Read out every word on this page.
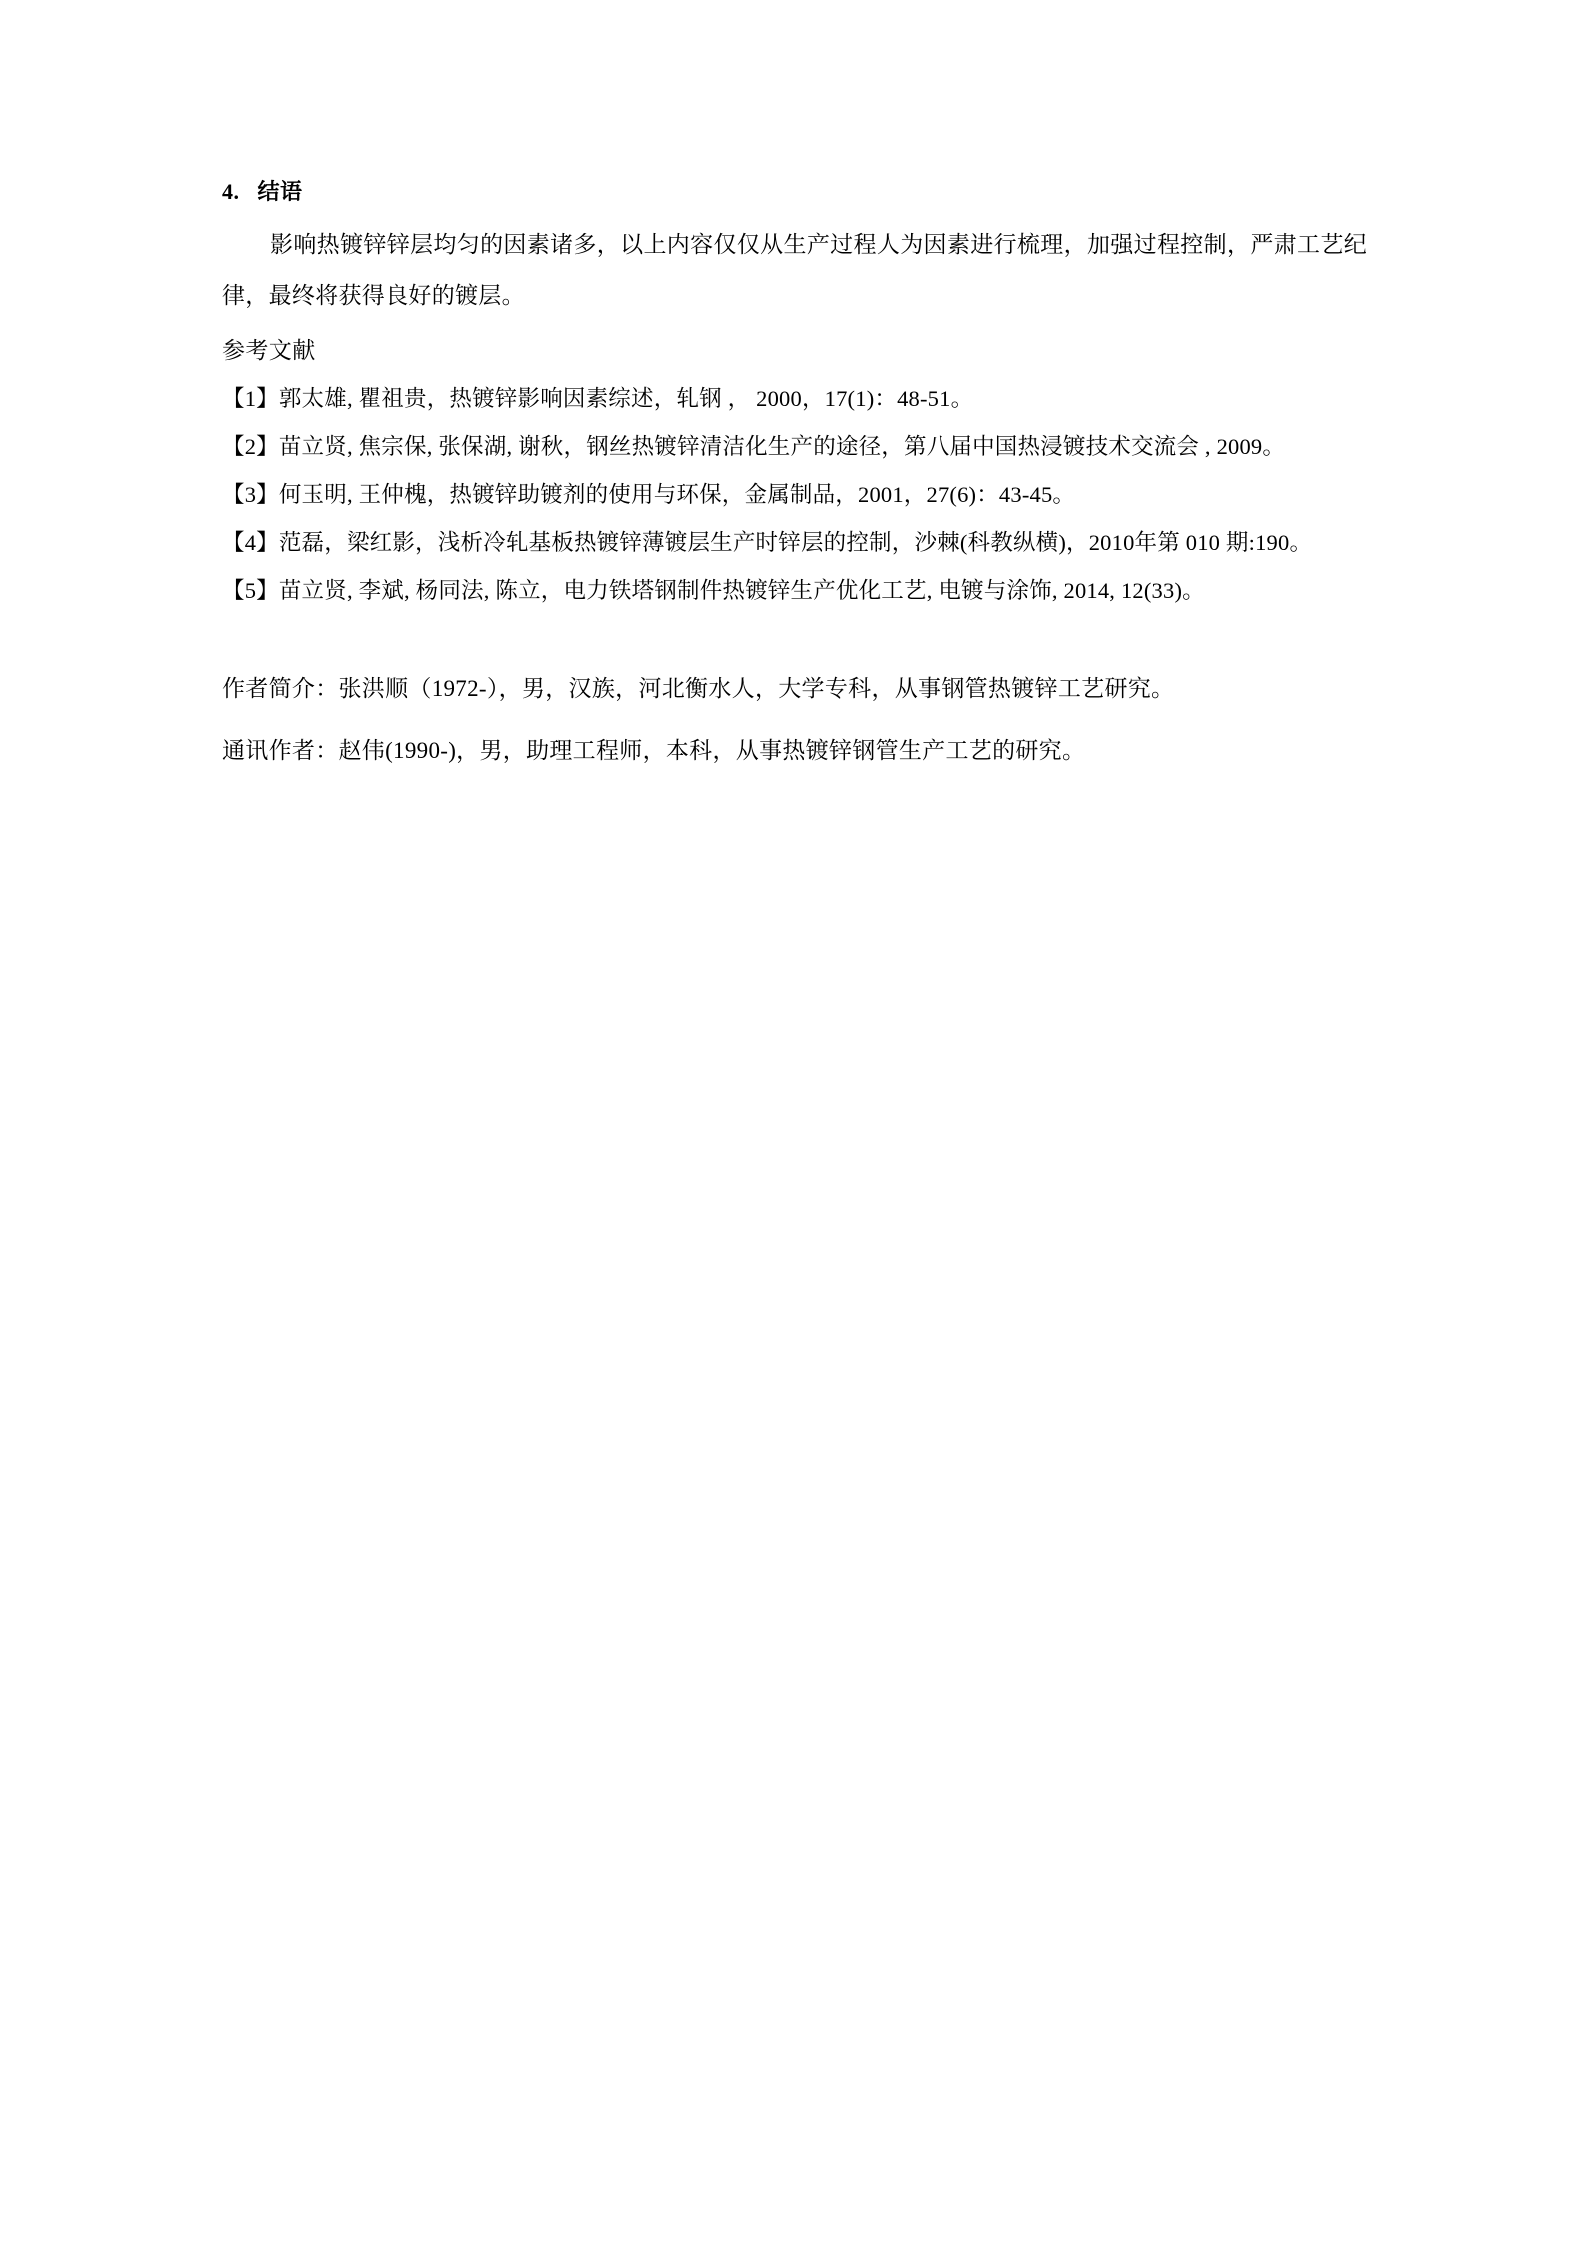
4. 结语

影响热镀锌锌层均匀的因素诸多，以上内容仅仅从生产过程人为因素进行梳理，加强过程控制，严肃工艺纪律，最终将获得良好的镀层。

参考文献

【1】郭太雄, 瞿祖贵，热镀锌影响因素综述，轧钢 ， 2000，17(1)：48-51。
【2】苗立贤, 焦宗保, 张保湖, 谢秋，钢丝热镀锌清洁化生产的途径，第八届中国热浸镀技术交流会 , 2009。
【3】何玉明, 王仲槐，热镀锌助镀剂的使用与环保，金属制品，2001，27(6)：43-45。
【4】范磊，梁红影，浅析冷轧基板热镀锌薄镀层生产时锌层的控制，沙棘(科教纵横)，2010年第 010 期:190。
【5】苗立贤, 李斌, 杨同法, 陈立，电力铁塔钢制件热镀锌生产优化工艺, 电镀与涂饰, 2014, 12(33)。

作者简介：张洪顺（1972-），男，汉族，河北衡水人，大学专科，从事钢管热镀锌工艺研究。

通讯作者：赵伟(1990-)，男，助理工程师，本科，从事热镀锌钢管生产工艺的研究。
